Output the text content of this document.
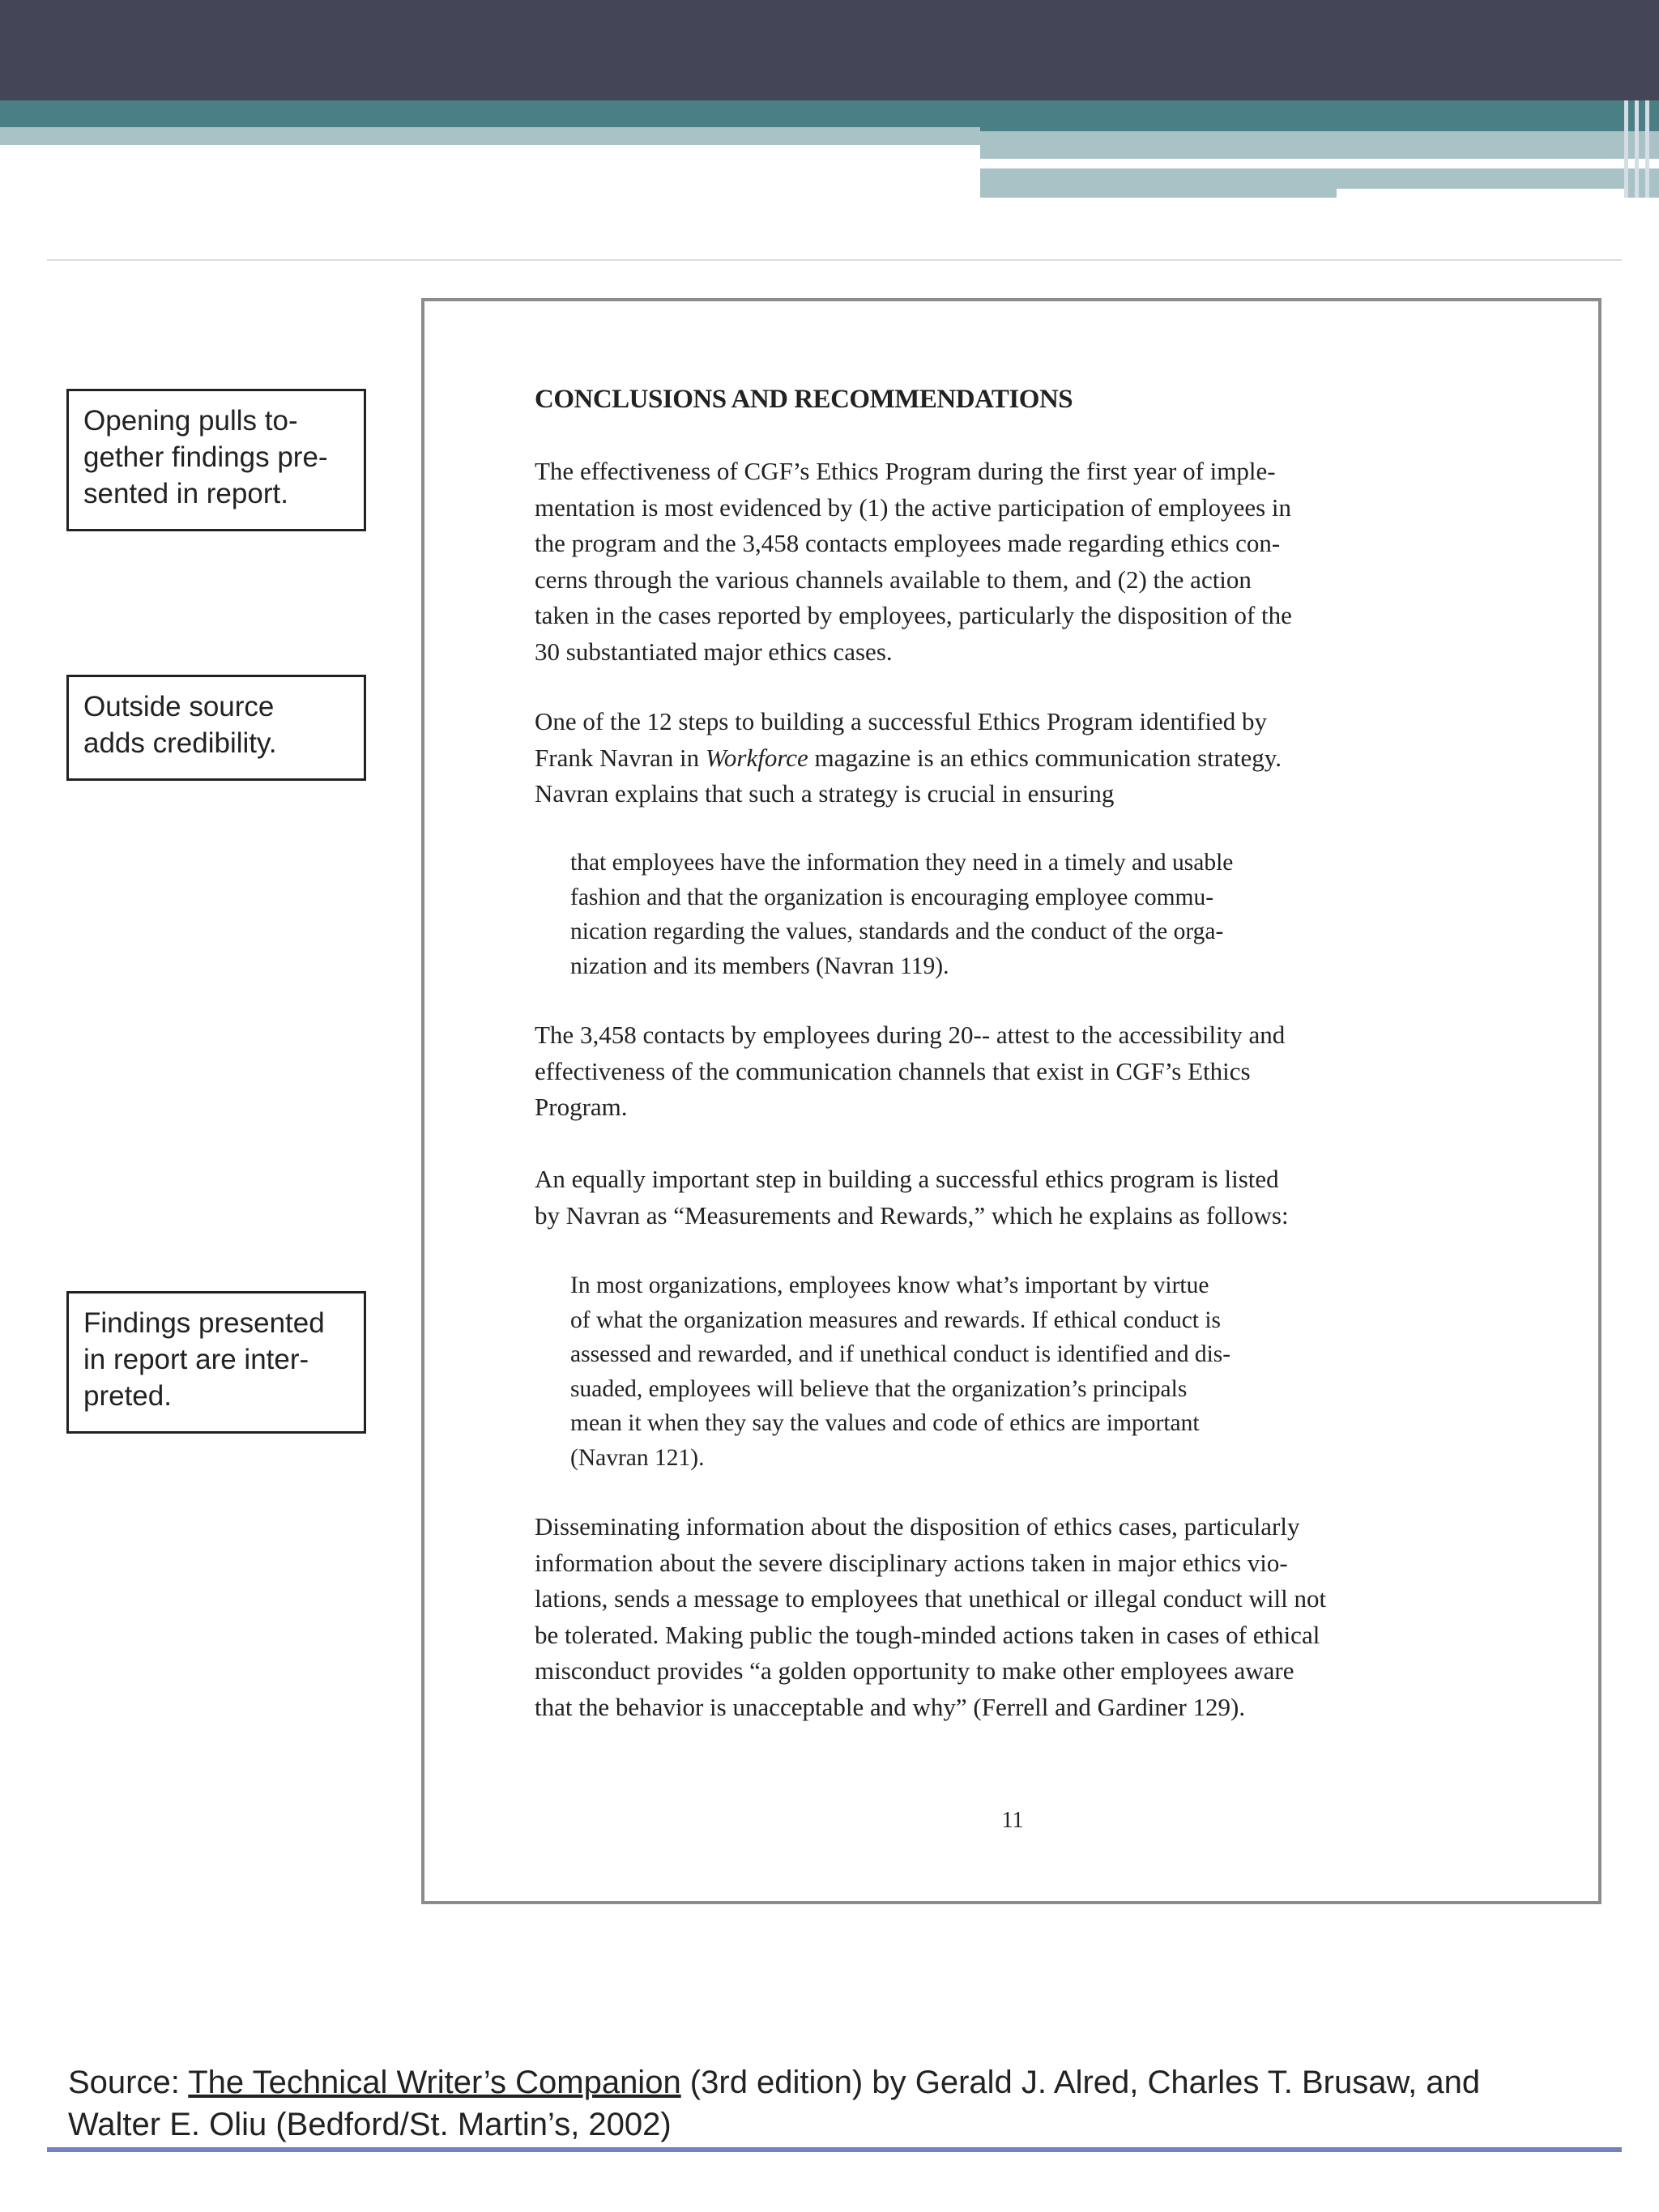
Opening pulls to-
gether findings pre-
sented in report.
Outside source
adds credibility.
Findings presented
in report are inter-
preted.
CONCLUSIONS AND RECOMMENDATIONS
The effectiveness of CGF’s Ethics Program during the first year of imple-
mentation is most evidenced by (1) the active participation of employees in
the program and the 3,458 contacts employees made regarding ethics con-
cerns through the various channels available to them, and (2) the action
taken in the cases reported by employees, particularly the disposition of the
30 substantiated major ethics cases.
One of the 12 steps to building a successful Ethics Program identified by
Frank Navran in Workforce magazine is an ethics communication strategy.
Navran explains that such a strategy is crucial in ensuring
that employees have the information they need in a timely and usable
fashion and that the organization is encouraging employee commu-
nication regarding the values, standards and the conduct of the orga-
nization and its members (Navran 119).
The 3,458 contacts by employees during 20-- attest to the accessibility and
effectiveness of the communication channels that exist in CGF’s Ethics
Program.
An equally important step in building a successful ethics program is listed
by Navran as “Measurements and Rewards,” which he explains as follows:
In most organizations, employees know what’s important by virtue
of what the organization measures and rewards. If ethical conduct is
assessed and rewarded, and if unethical conduct is identified and dis-
suaded, employees will believe that the organization’s principals
mean it when they say the values and code of ethics are important
(Navran 121).
Disseminating information about the disposition of ethics cases, particularly
information about the severe disciplinary actions taken in major ethics vio-
lations, sends a message to employees that unethical or illegal conduct will not
be tolerated. Making public the tough-minded actions taken in cases of ethical
misconduct provides “a golden opportunity to make other employees aware
that the behavior is unacceptable and why” (Ferrell and Gardiner 129).
11
Source: The Technical Writer’s Companion (3rd edition) by Gerald J. Alred, Charles T. Brusaw, and
Walter E. Oliu (Bedford/St. Martin’s, 2002)
